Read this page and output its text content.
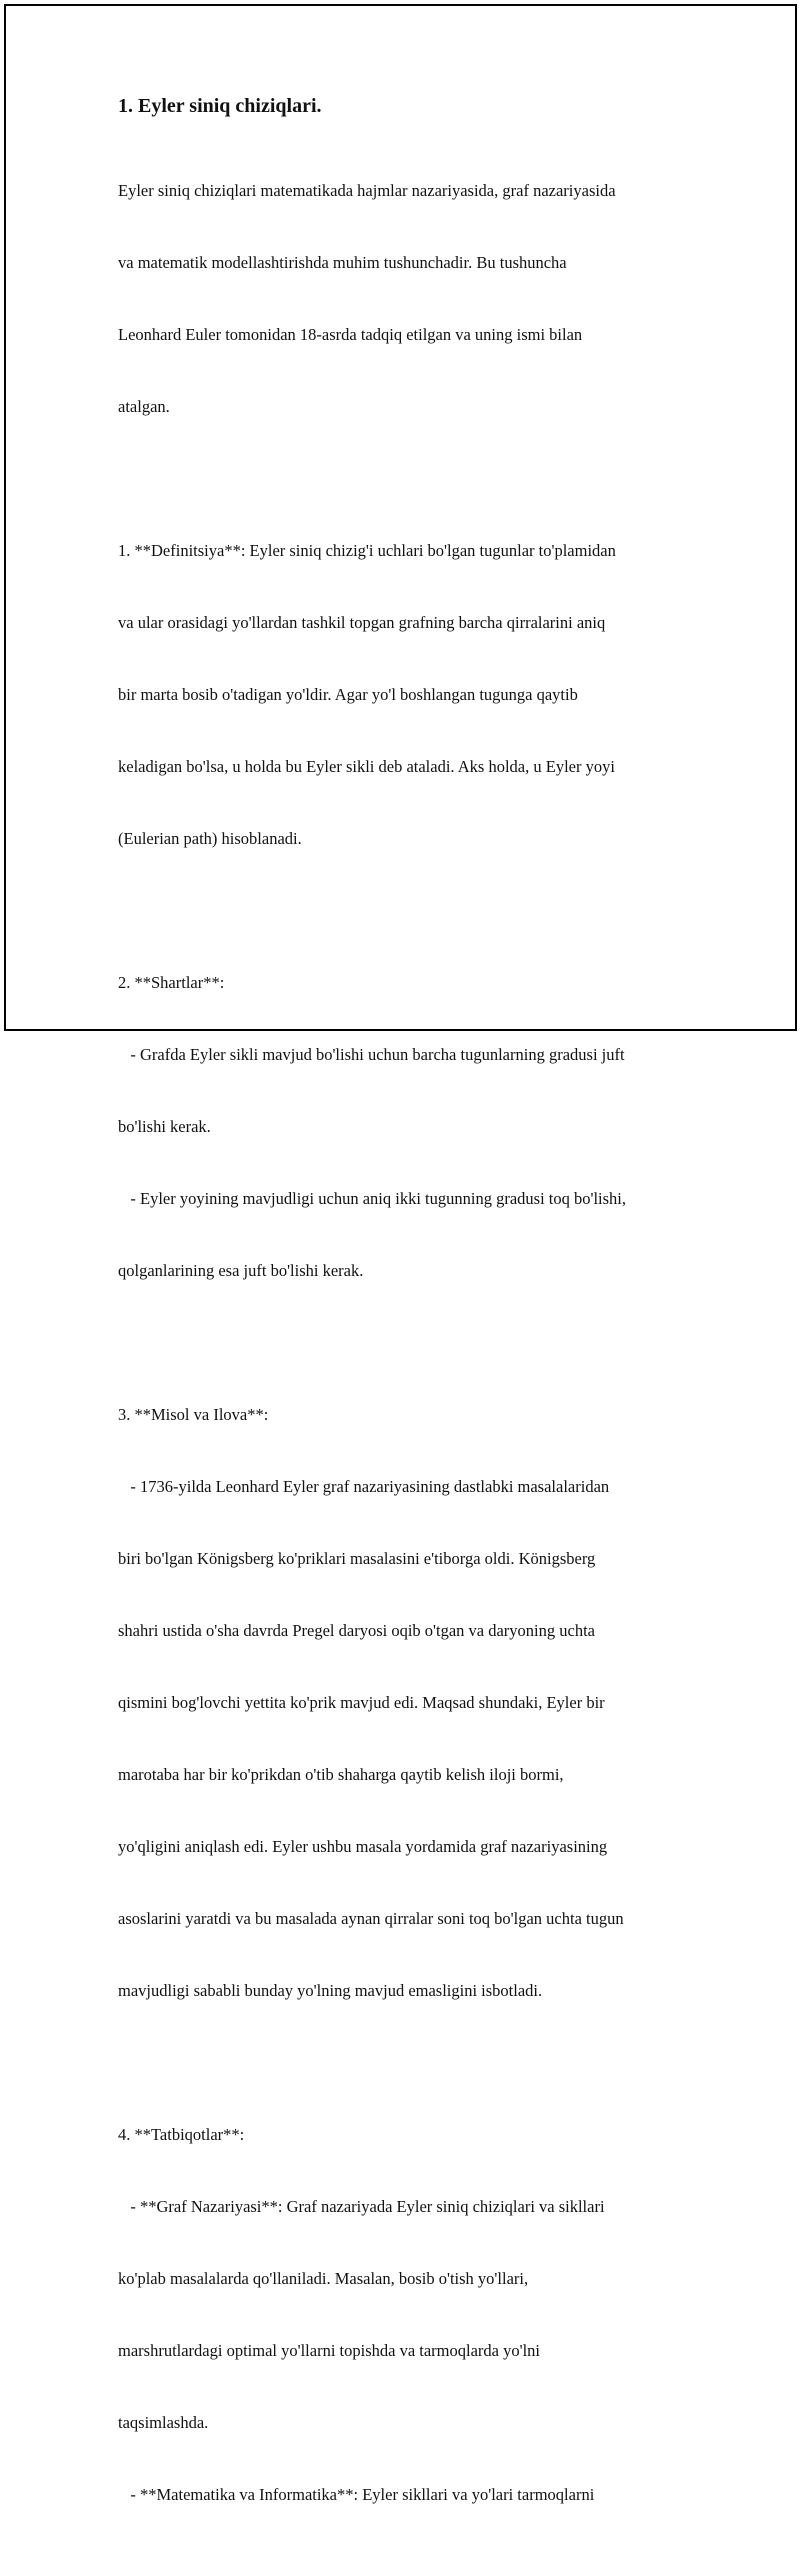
1. Eyler siniq chiziqlari.

Eyler siniq chiziqlari matematikada hajmlar nazariyasida, graf nazariyasida

va matematik modellashtirishda muhim tushunchadir. Bu tushuncha

Leonhard Euler tomonidan 18-asrda tadqiq etilgan va uning ismi bilan

atalgan.

1. **Definitsiya**: Eyler siniq chizig'i uchlari bo'lgan tugunlar to'plamidan

va ular orasidagi yo'llardan tashkil topgan grafning barcha qirralarini aniq

bir marta bosib o'tadigan yo'ldir. Agar yo'l boshlangan tugunga qaytib

keladigan bo'lsa, u holda bu Eyler sikli deb ataladi. Aks holda, u Eyler yoyi

(Eulerian path) hisoblanadi.

2. **Shartlar**:

- Grafda Eyler sikli mavjud bo'lishi uchun barcha tugunlarning gradusi juft

bo'lishi kerak.

- Eyler yoyining mavjudligi uchun aniq ikki tugunning gradusi toq bo'lishi,

qolganlarining esa juft bo'lishi kerak.

3. **Misol va Ilova**:

- 1736-yilda Leonhard Eyler graf nazariyasining dastlabki masalalaridan

biri bo'lgan Königsberg ko'priklari masalasini e'tiborga oldi. Königsberg

shahri ustida o'sha davrda Pregel daryosi oqib o'tgan va daryoning uchta

qismini bog'lovchi yettita ko'prik mavjud edi. Maqsad shundaki, Eyler bir

marotaba har bir ko'prikdan o'tib shaharga qaytib kelish iloji bormi,

yo'qligini aniqlash edi. Eyler ushbu masala yordamida graf nazariyasining

asoslarini yaratdi va bu masalada aynan qirralar soni toq bo'lgan uchta tugun

mavjudligi sababli bunday yo'lning mavjud emasligini isbotladi.

4. **Tatbiqotlar**:

- **Graf Nazariyasi**: Graf nazariyada Eyler siniq chiziqlari va sikllari

ko'plab masalalarda qo'llaniladi. Masalan, bosib o'tish yo'llari,

marshrutlardagi optimal yo'llarni topishda va tarmoqlarda yo'lni

taqsimlashda.

- **Matematika va Informatika**: Eyler sikllari va yo'lari tarmoqlarni
